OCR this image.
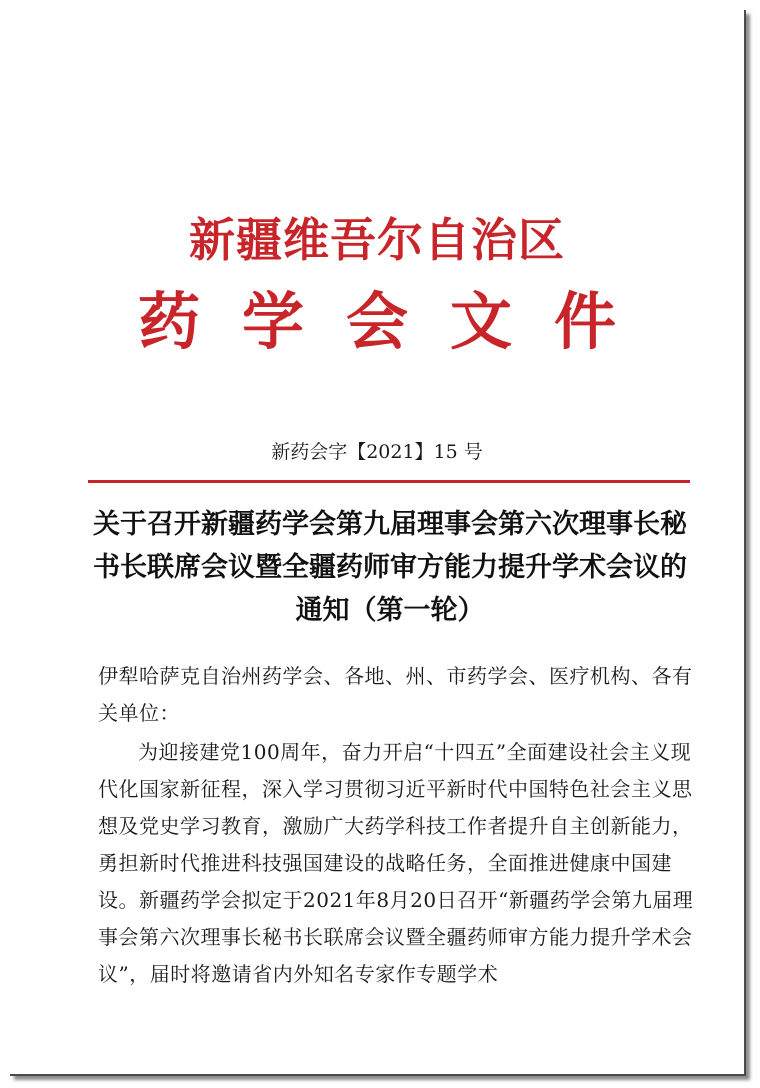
新疆维吾尔自治区
药学会文件
新药会字【2021】15 号
关于召开新疆药学会第九届理事会第六次理事长秘书长联席会议暨全疆药师审方能力提升学术会议的通知（第一轮）
伊犁哈萨克自治州药学会、各地、州、市药学会、医疗机构、各有关单位：
为迎接建党100周年，奋力开启“十四五”全面建设社会主义现代化国家新征程，深入学习贯彻习近平新时代中国特色社会主义思想及党史学习教育，激励广大药学科技工作者提升自主创新能力，勇担新时代推进科技强国建设的战略任务，全面推进健康中国建设。新疆药学会拟定于2021年8月20日召开“新疆药学会第九届理事会第六次理事长秘书长联席会议暨全疆药师审方能力提升学术会议”，届时将邀请省内外知名专家作专题学术
